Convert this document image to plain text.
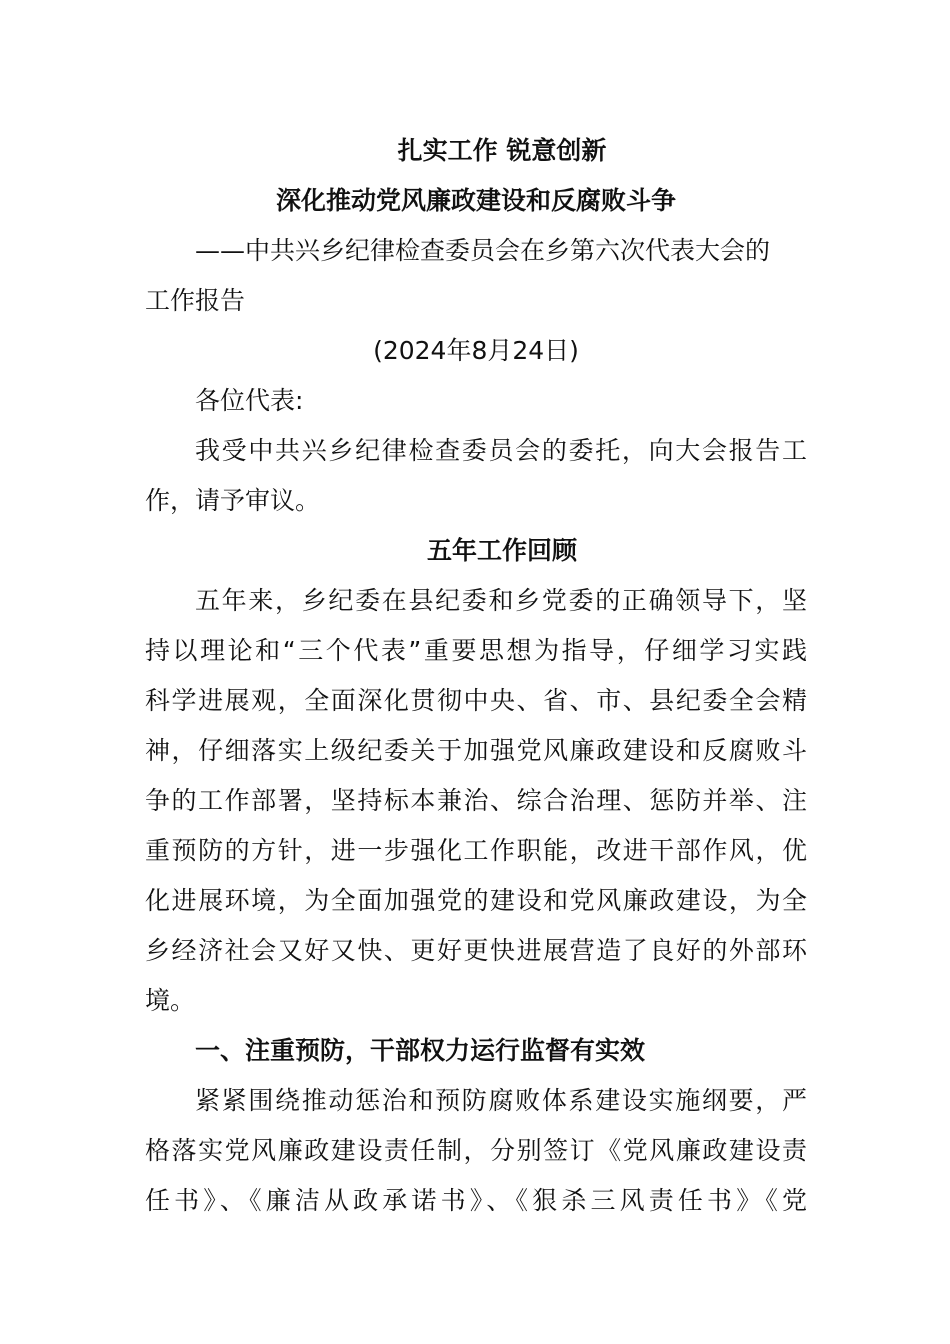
扎实工作 锐意创新
深化推动党风廉政建设和反腐败斗争
——中共兴乡纪律检查委员会在乡第六次代表大会的
工作报告
(2024年8月24日)
各位代表:
我受中共兴乡纪律检查委员会的委托，向大会报告工
作，请予审议。
五年工作回顾
五年来，乡纪委在县纪委和乡党委的正确领导下，坚
持以理论和“三个代表”重要思想为指导，仔细学习实践
科学进展观，全面深化贯彻中央、省、市、县纪委全会精
神，仔细落实上级纪委关于加强党风廉政建设和反腐败斗
争的工作部署，坚持标本兼治、综合治理、惩防并举、注
重预防的方针，进一步强化工作职能，改进干部作风，优
化进展环境，为全面加强党的建设和党风廉政建设，为全
乡经济社会又好又快、更好更快进展营造了良好的外部环
境。
一、注重预防，干部权力运行监督有实效
紧紧围绕推动惩治和预防腐败体系建设实施纲要，严
格落实党风廉政建设责任制，分别签订《党风廉政建设责
任书》、《廉洁从政承诺书》、《狠杀三风责任书》《党
